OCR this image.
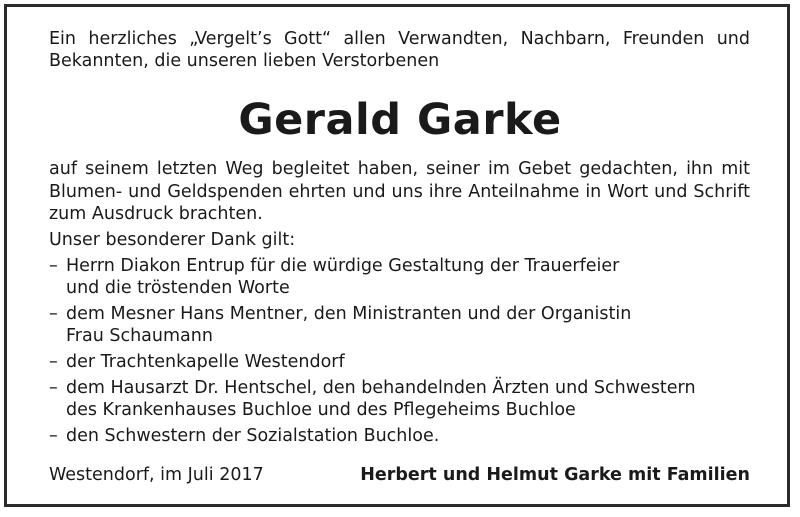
Ein herzliches „Vergelt’s Gott“ allen Verwandten, Nachbarn, Freunden und
Bekannten, die unseren lieben Verstorbenen

Gerald Garke

auf seinem letzten Weg begleitet haben, seiner im Gebet gedachten, ihn mit
Blumen- und Geldspenden ehrten und uns ihre Anteilnahme in Wort und Schrift
zum Ausdruck brachten.

Unser besonderer Dank gilt:

– Herrn Diakon Entrup für die würdige Gestaltung der Trauerfeier
und die tröstenden Worte
– dem Mesner Hans Mentner, den Ministranten und der Organistin
Frau Schaumann
– der Trachtenkapelle Westendorf
– dem Hausarzt Dr. Hentschel, den behandelnden Ärzten und Schwestern
des Krankenhauses Buchloe und des Pflegeheims Buchloe
– den Schwestern der Sozialstation Buchloe.

Westendorf, im Juli 2017	Herbert und Helmut Garke mit Familien
